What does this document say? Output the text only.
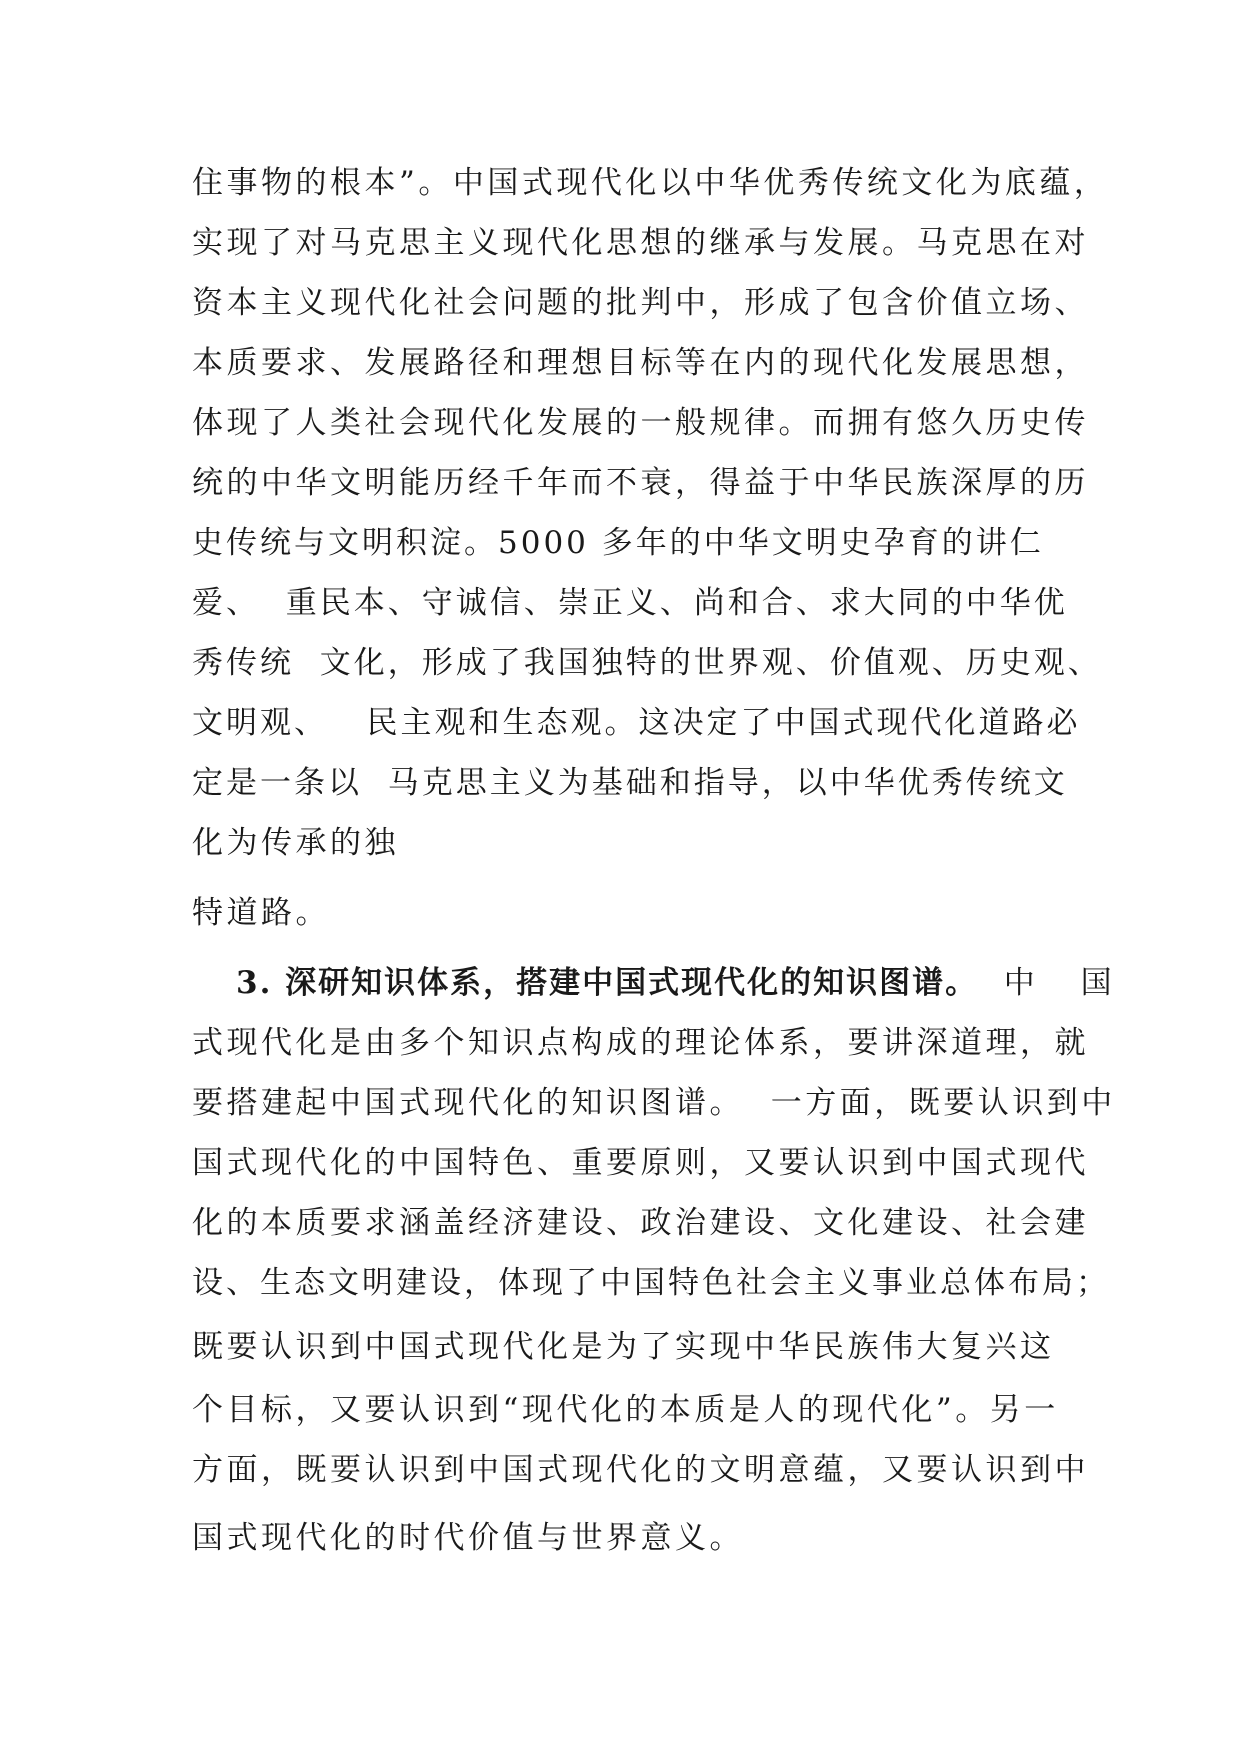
住事物的根本”。中国式现代化以中华优秀传统文化为底蕴，

实现了对马克思主义现代化思想的继承与发展。马克思在对

资本主义现代化社会问题的批判中，形成了包含价值立场、

本质要求、发展路径和理想目标等在内的现代化发展思想，

体现了人类社会现代化发展的一般规律。而拥有悠久历史传

统的中华文明能历经千年而不衰，得益于中华民族深厚的历

史传统与文明积淀。5000 多年的中华文明史孕育的讲仁

爱、  重民本、守诚信、崇正义、尚和合、求大同的中华优

秀传统  文化，形成了我国独特的世界观、价值观、历史观、

文明观、   民主观和生态观。这决定了中国式现代化道路必

定是一条以  马克思主义为基础和指导，以中华优秀传统文

化为传承的独

特道路。

3. 深研知识体系，搭建中国式现代化的知识图谱。 中 国

式现代化是由多个知识点构成的理论体系，要讲深道理，就

要搭建起中国式现代化的知识图谱。  一方面，既要认识到中

国式现代化的中国特色、重要原则，又要认识到中国式现代

化的本质要求涵盖经济建设、政治建设、文化建设、社会建

设、生态文明建设，体现了中国特色社会主义事业总体布局；

既要认识到中国式现代化是为了实现中华民族伟大复兴这

个目标，又要认识到“现代化的本质是人的现代化”。另一

方面，既要认识到中国式现代化的文明意蕴，又要认识到中

国式现代化的时代价值与世界意义。
